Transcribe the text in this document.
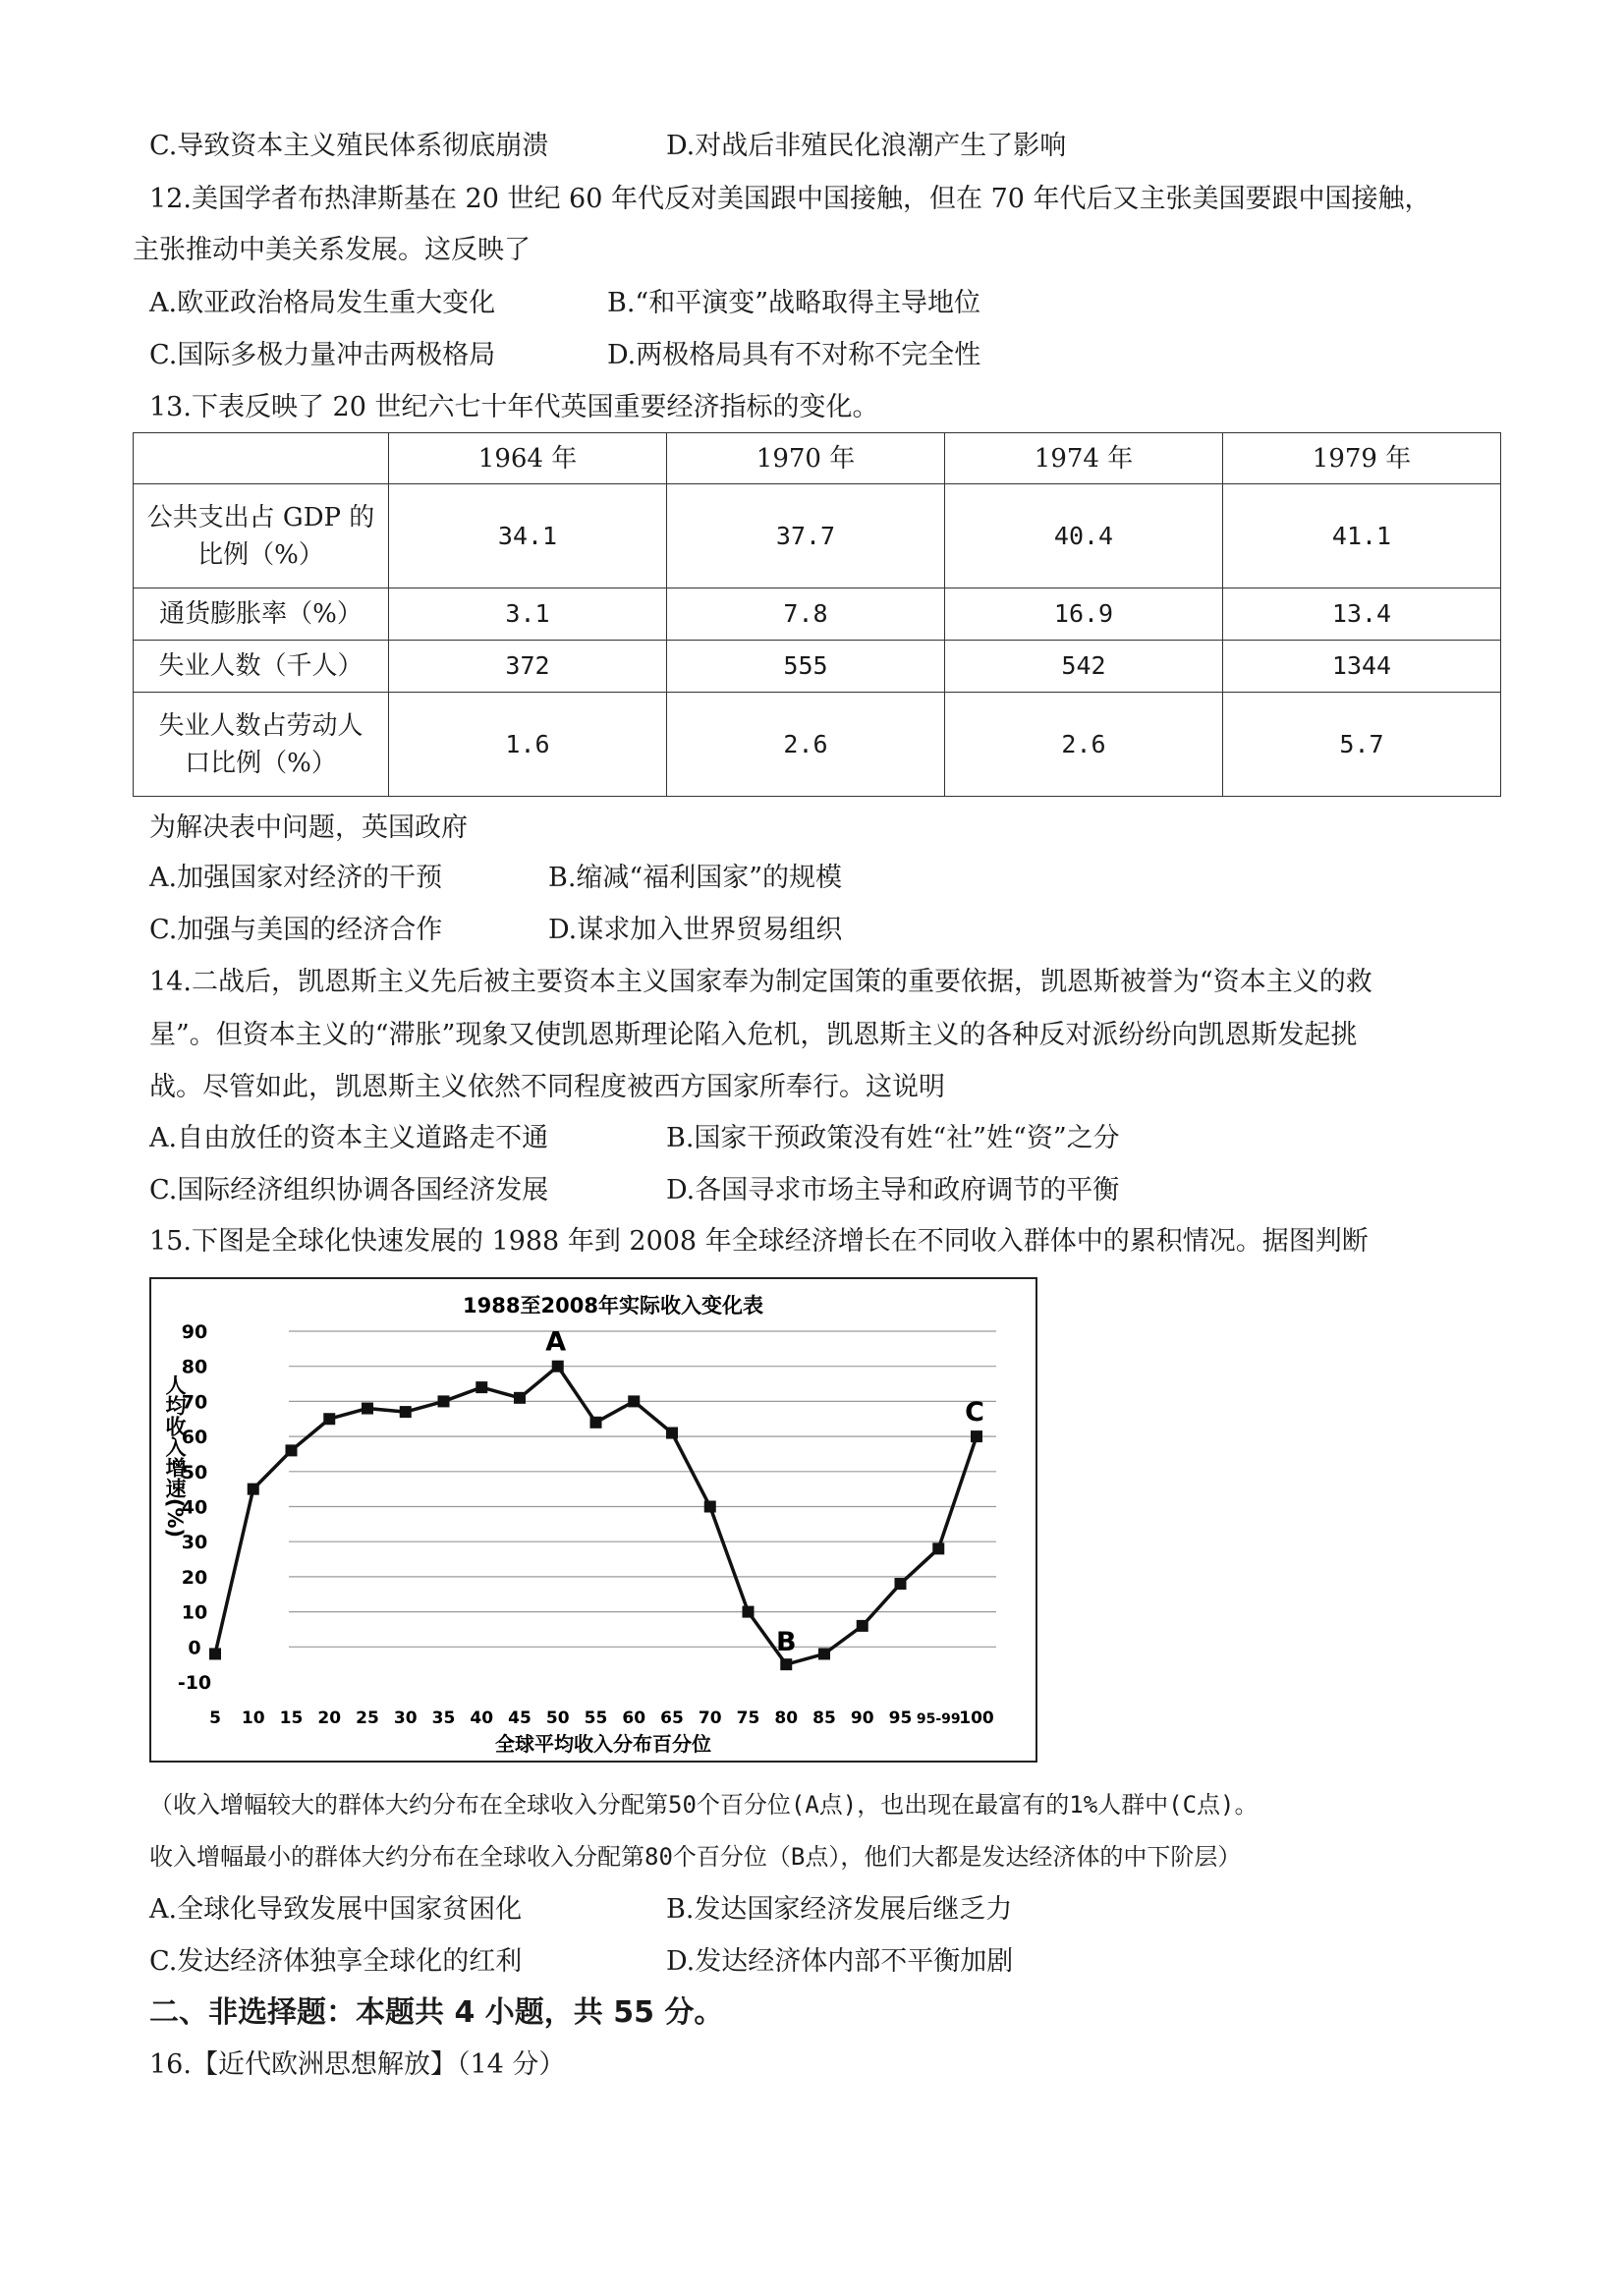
C.导致资本主义殖民体系彻底崩溃	D.对战后非殖民化浪潮产生了影响
12.美国学者布热津斯基在 20 世纪 60 年代反对美国跟中国接触，但在 70 年代后又主张美国要跟中国接触，
主张推动中美关系发展。这反映了
A.欧亚政治格局发生重大变化	B.“和平演变”战略取得主导地位
C.国际多极力量冲击两极格局	D.两极格局具有不对称不完全性
13.下表反映了 20 世纪六七十年代英国重要经济指标的变化。
	1964 年	1970 年	1974 年	1979 年

公共支出占 GDP 的
比例（%）	34.1	37.7	40.4	41.1
通货膨胀率（%）	3.1	7.8	16.9	13.4
失业人数（千人）	372	555	542	1344

失业人数占劳动人
口比例（%）	1.6	2.6	2.6	5.7
为解决表中问题，英国政府
A.加强国家对经济的干预	B.缩减“福利国家”的规模
C.加强与美国的经济合作	D.谋求加入世界贸易组织
14.二战后，凯恩斯主义先后被主要资本主义国家奉为制定国策的重要依据，凯恩斯被誉为“资本主义的救
星”。但资本主义的“滞胀”现象又使凯恩斯理论陷入危机，凯恩斯主义的各种反对派纷纷向凯恩斯发起挑
战。尽管如此，凯恩斯主义依然不同程度被西方国家所奉行。这说明
A.自由放任的资本主义道路走不通	B.国家干预政策没有姓“社”姓“资”之分
C.国际经济组织协调各国经济发展	D.各国寻求市场主导和政府调节的平衡
15.下图是全球化快速发展的 1988 年到 2008 年全球经济增长在不同收入群体中的累积情况。据图判断
1988至2008年实际收入变化表
90
80
70
60
50
40
30
20
10
0
-10
人均收入增速(%)
5 10 15 20 25 30 35 40 45 50 55 60 65 70 75 80 85 90 95 95-99
100
全球平均收入分布百分位
A
B
C
（收入增幅较大的群体大约分布在全球收入分配第50个百分位(A点)，也出现在最富有的1%人群中(C点)。
收入增幅最小的群体大约分布在全球收入分配第80个百分位（B点），他们大都是发达经济体的中下阶层）
A.全球化导致发展中国家贫困化	B.发达国家经济发展后继乏力
C.发达经济体独享全球化的红利	D.发达经济体内部不平衡加剧
二、非选择题：本题共 4 小题，共 55 分。
16.【近代欧洲思想解放】（14 分）
